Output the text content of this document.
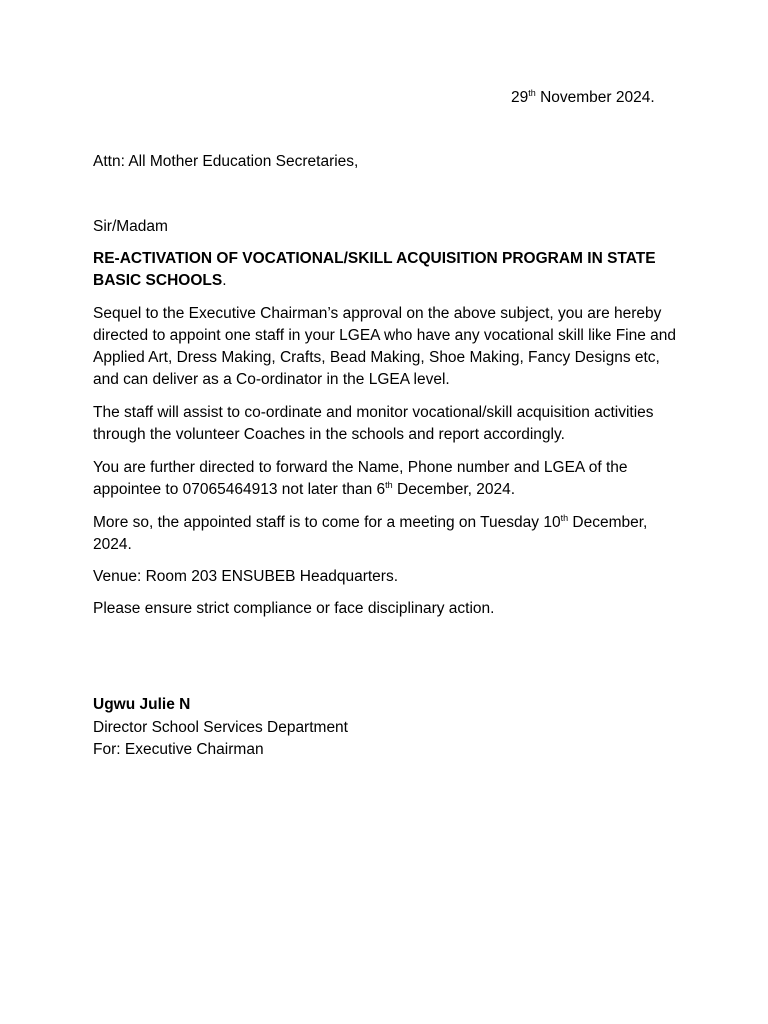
29th November 2024.

Attn: All Mother Education Secretaries,

Sir/Madam

RE-ACTIVATION OF VOCATIONAL/SKILL ACQUISITION PROGRAM IN STATE BASIC SCHOOLS.

Sequel to the Executive Chairman’s approval on the above subject, you are hereby directed to appoint one staff in your LGEA who have any vocational skill like Fine and Applied Art, Dress Making, Crafts, Bead Making, Shoe Making, Fancy Designs etc, and can deliver as a Co-ordinator in the LGEA level.

The staff will assist to co-ordinate and monitor vocational/skill acquisition activities through the volunteer Coaches in the schools and report accordingly.

You are further directed to forward the Name, Phone number and LGEA of the appointee to 07065464913 not later than 6th December, 2024.

More so, the appointed staff is to come for a meeting on Tuesday 10th December, 2024.

Venue: Room 203 ENSUBEB Headquarters.

Please ensure strict compliance or face disciplinary action.

Ugwu Julie N
Director School Services Department
For: Executive Chairman
